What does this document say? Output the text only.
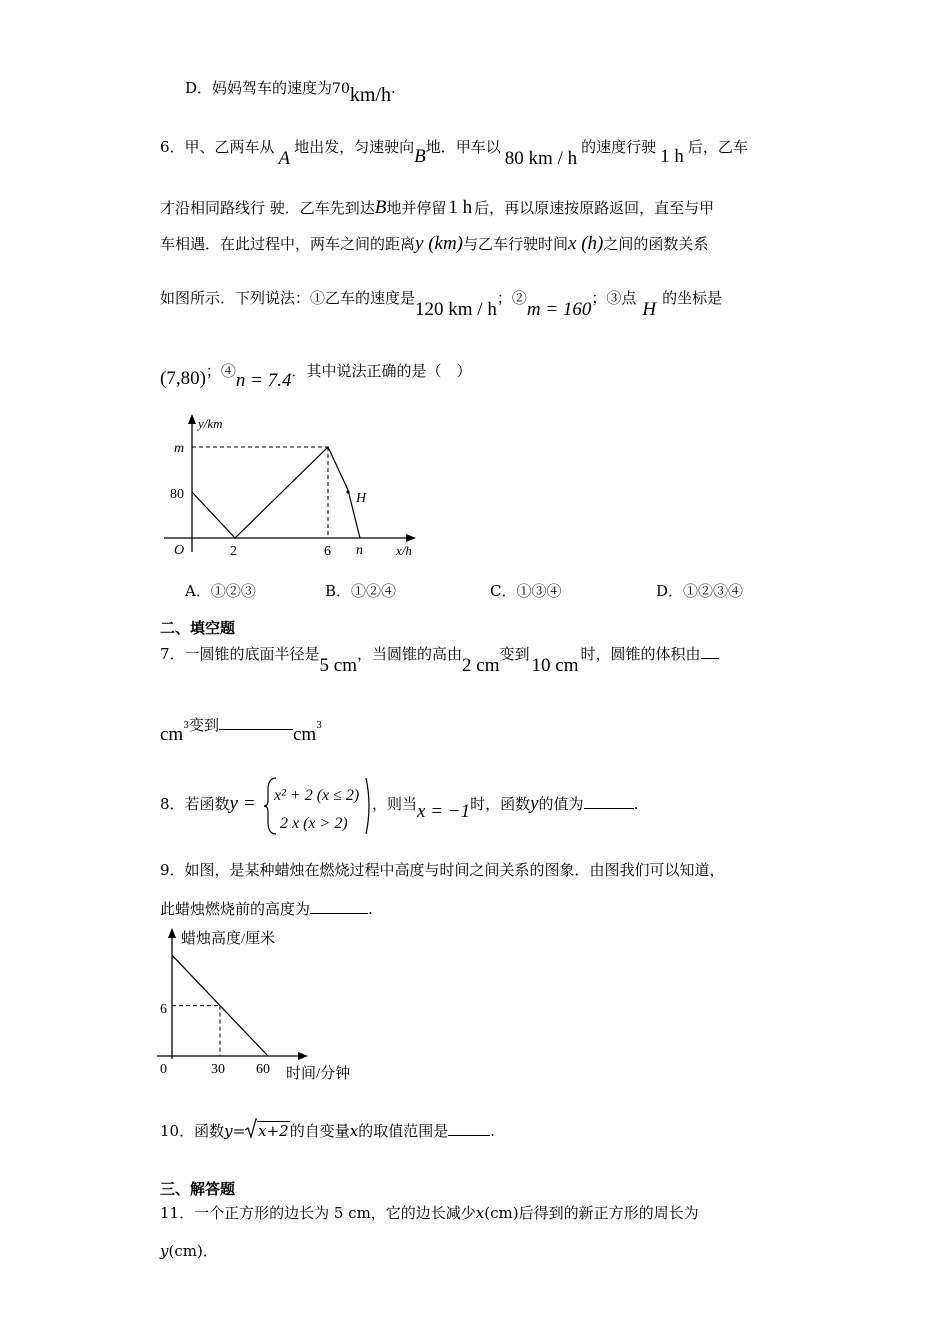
D．妈妈驾车的速度为70km/h.
6．甲、乙两车从A地出发，匀速驶向B地．甲车以80 km / h的速度行驶 1 h 后，乙车
才沿相同路线行 驶．乙车先到达B地并停留 1 h 后，再以原速按原路返回，直至与甲
车相遇．在此过程中，两车之间的距离y (km)与乙车行驶时间x (h)之间的函数关系
如图所示．下列说法：①乙车的速度是120 km / h；②m = 160；③点H的坐标是
(7,80)；④n = 7.4．其中说法正确的是（　）
y/km
m
80
O	2	6 n
H
x/h
A．①②③	B．①②④	C．①③④	D．①②③④
二、填空题
7．一圆锥的底面半径是5 cm，当圆锥的高由2 cm变到10 cm时，圆锥的体积由
cm3变到	cm3
8．若函数y = x² + 2 (x ≤ 2)
2 x (x > 2)
，则当x = −1时，函数y的值为	.
9．如图，是某种蜡烛在燃烧过程中高度与时间之间关系的图象．由图我们可以知道，
此蜡烛燃烧前的高度为	.
蜡烛高度/厘米
6
0	30 60 时间/分钟
10．函数y= x+2的自变量x的取值范围是	.
三、解答题
11．一个正方形的边长为 5 cm，它的边长减少x(cm)后得到的新正方形的周长为
y(cm)．
